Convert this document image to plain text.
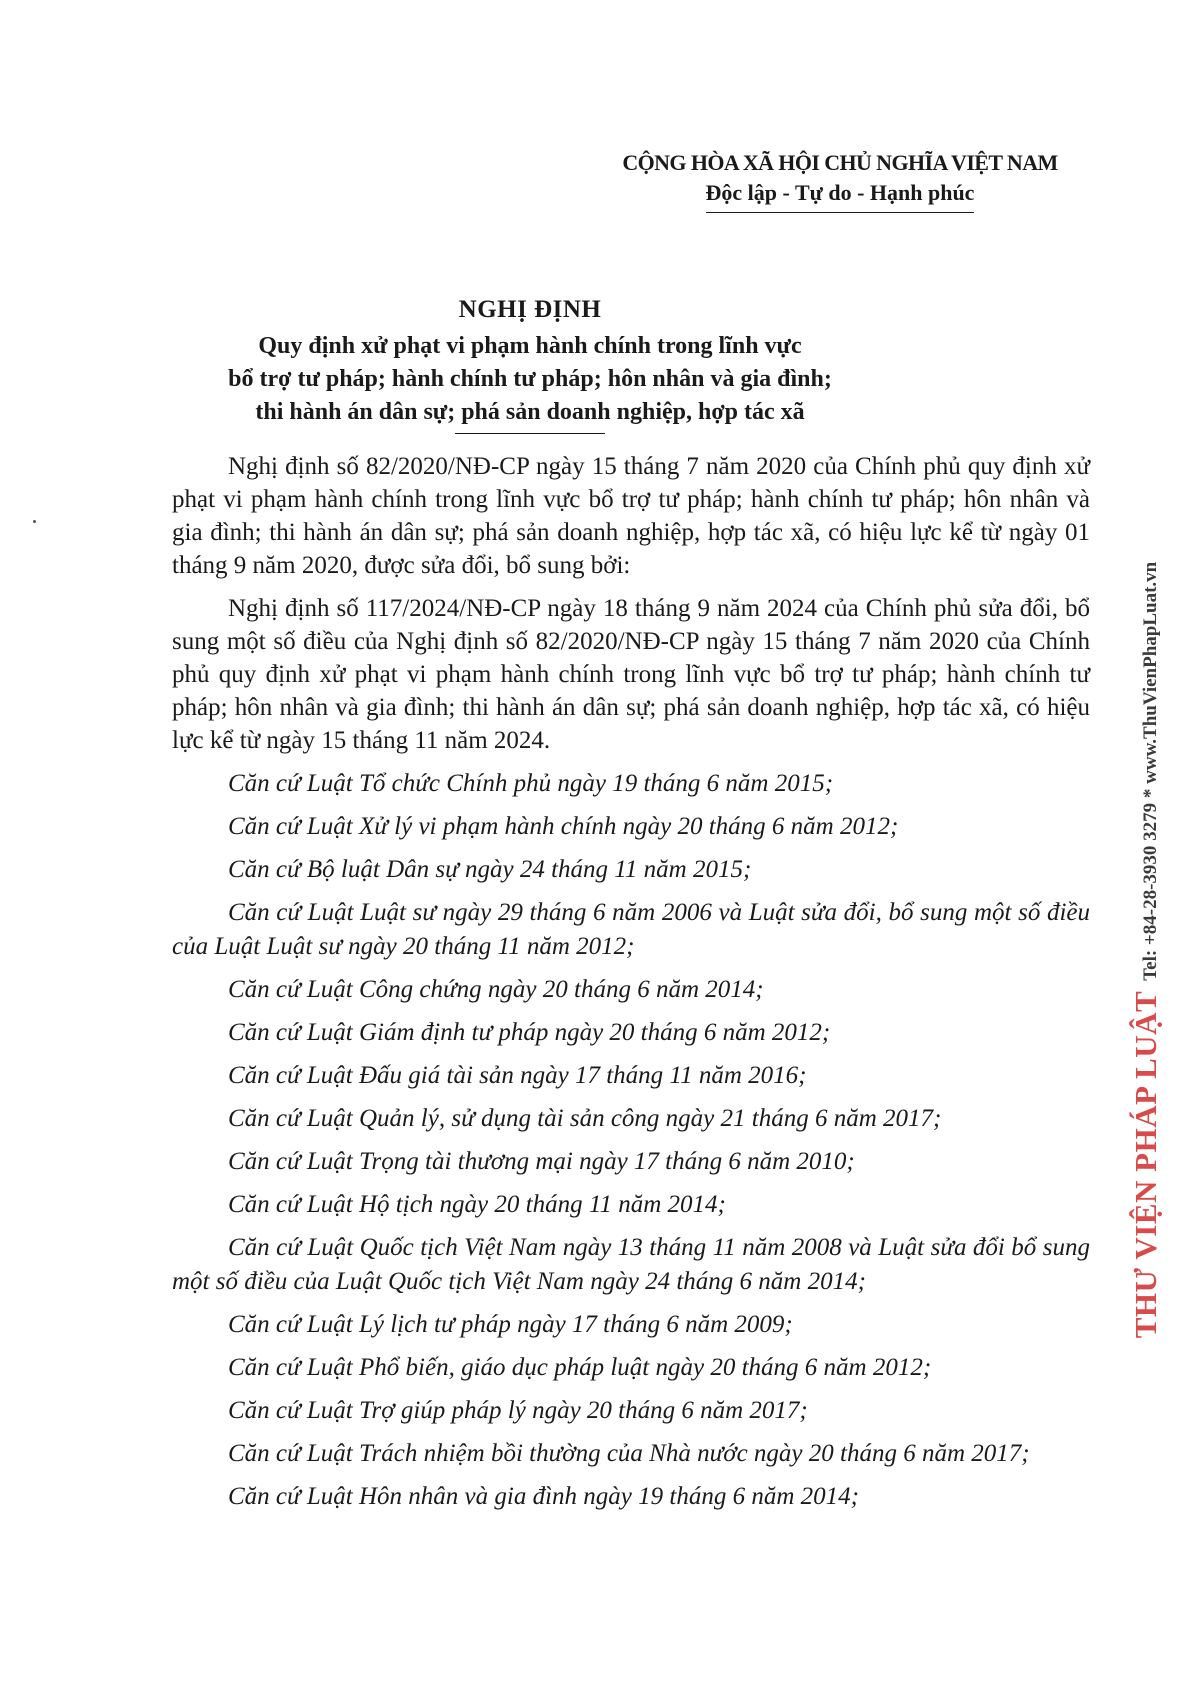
CỘNG HÒA XÃ HỘI CHỦ NGHĨA VIỆT NAM
Độc lập - Tự do - Hạnh phúc
NGHỊ ĐỊNH
Quy định xử phạt vi phạm hành chính trong lĩnh vực
bổ trợ tư pháp; hành chính tư pháp; hôn nhân và gia đình;
thi hành án dân sự; phá sản doanh nghiệp, hợp tác xã

Nghị định số 82/2020/NĐ-CP ngày 15 tháng 7 năm 2020 của Chính phủ quy định xử phạt vi phạm hành chính trong lĩnh vực bổ trợ tư pháp; hành chính tư pháp; hôn nhân và gia đình; thi hành án dân sự; phá sản doanh nghiệp, hợp tác xã, có hiệu lực kể từ ngày 01 tháng 9 năm 2020, được sửa đổi, bổ sung bởi:

Nghị định số 117/2024/NĐ-CP ngày 18 tháng 9 năm 2024 của Chính phủ sửa đổi, bổ sung một số điều của Nghị định số 82/2020/NĐ-CP ngày 15 tháng 7 năm 2020 của Chính phủ quy định xử phạt vi phạm hành chính trong lĩnh vực bổ trợ tư pháp; hành chính tư pháp; hôn nhân và gia đình; thi hành án dân sự; phá sản doanh nghiệp, hợp tác xã, có hiệu lực kể từ ngày 15 tháng 11 năm 2024.

Căn cứ Luật Tổ chức Chính phủ ngày 19 tháng 6 năm 2015;

Căn cứ Luật Xử lý vi phạm hành chính ngày 20 tháng 6 năm 2012;

Căn cứ Bộ luật Dân sự ngày 24 tháng 11 năm 2015;

Căn cứ Luật Luật sư ngày 29 tháng 6 năm 2006 và Luật sửa đổi, bổ sung một số điều của Luật Luật sư ngày 20 tháng 11 năm 2012;

Căn cứ Luật Công chứng ngày 20 tháng 6 năm 2014;

Căn cứ Luật Giám định tư pháp ngày 20 tháng 6 năm 2012;

Căn cứ Luật Đấu giá tài sản ngày 17 tháng 11 năm 2016;

Căn cứ Luật Quản lý, sử dụng tài sản công ngày 21 tháng 6 năm 2017;

Căn cứ Luật Trọng tài thương mại ngày 17 tháng 6 năm 2010;

Căn cứ Luật Hộ tịch ngày 20 tháng 11 năm 2014;

Căn cứ Luật Quốc tịch Việt Nam ngày 13 tháng 11 năm 2008 và Luật sửa đổi bổ sung một số điều của Luật Quốc tịch Việt Nam ngày 24 tháng 6 năm 2014;

Căn cứ Luật Lý lịch tư pháp ngày 17 tháng 6 năm 2009;

Căn cứ Luật Phổ biến, giáo dục pháp luật ngày 20 tháng 6 năm 2012;

Căn cứ Luật Trợ giúp pháp lý ngày 20 tháng 6 năm 2017;

Căn cứ Luật Trách nhiệm bồi thường của Nhà nước ngày 20 tháng 6 năm 2017;

Căn cứ Luật Hôn nhân và gia đình ngày 19 tháng 6 năm 2014;

THƯ VIỆN PHÁP LUẬT  Tel: +84-28-3930 3279 * www.ThuVienPhapLuat.vn
